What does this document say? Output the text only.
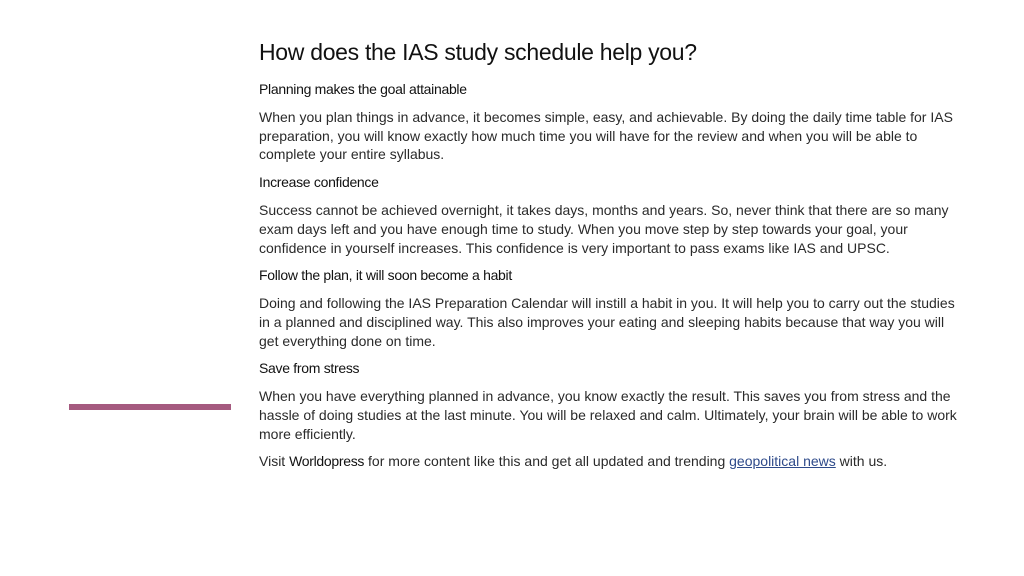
How does the IAS study schedule help you?
Planning makes the goal attainable

When you plan things in advance, it becomes simple, easy, and achievable. By doing the daily time table for IAS preparation, you will know exactly how much time you will have for the review and when you will be able to complete your entire syllabus.

Increase confidence

Success cannot be achieved overnight, it takes days, months and years. So, never think that there are so many exam days left and you have enough time to study. When you move step by step towards your goal, your confidence in yourself increases. This confidence is very important to pass exams like IAS and UPSC.

Follow the plan, it will soon become a habit

Doing and following the IAS Preparation Calendar will instill a habit in you. It will help you to carry out the studies in a planned and disciplined way. This also improves your eating and sleeping habits because that way you will get everything done on time.

Save from stress

When you have everything planned in advance, you know exactly the result. This saves you from stress and the hassle of doing studies at the last minute. You will be relaxed and calm. Ultimately, your brain will be able to work more efficiently.

Visit Worldopress for more content like this and get all updated and trending geopolitical news with us.
